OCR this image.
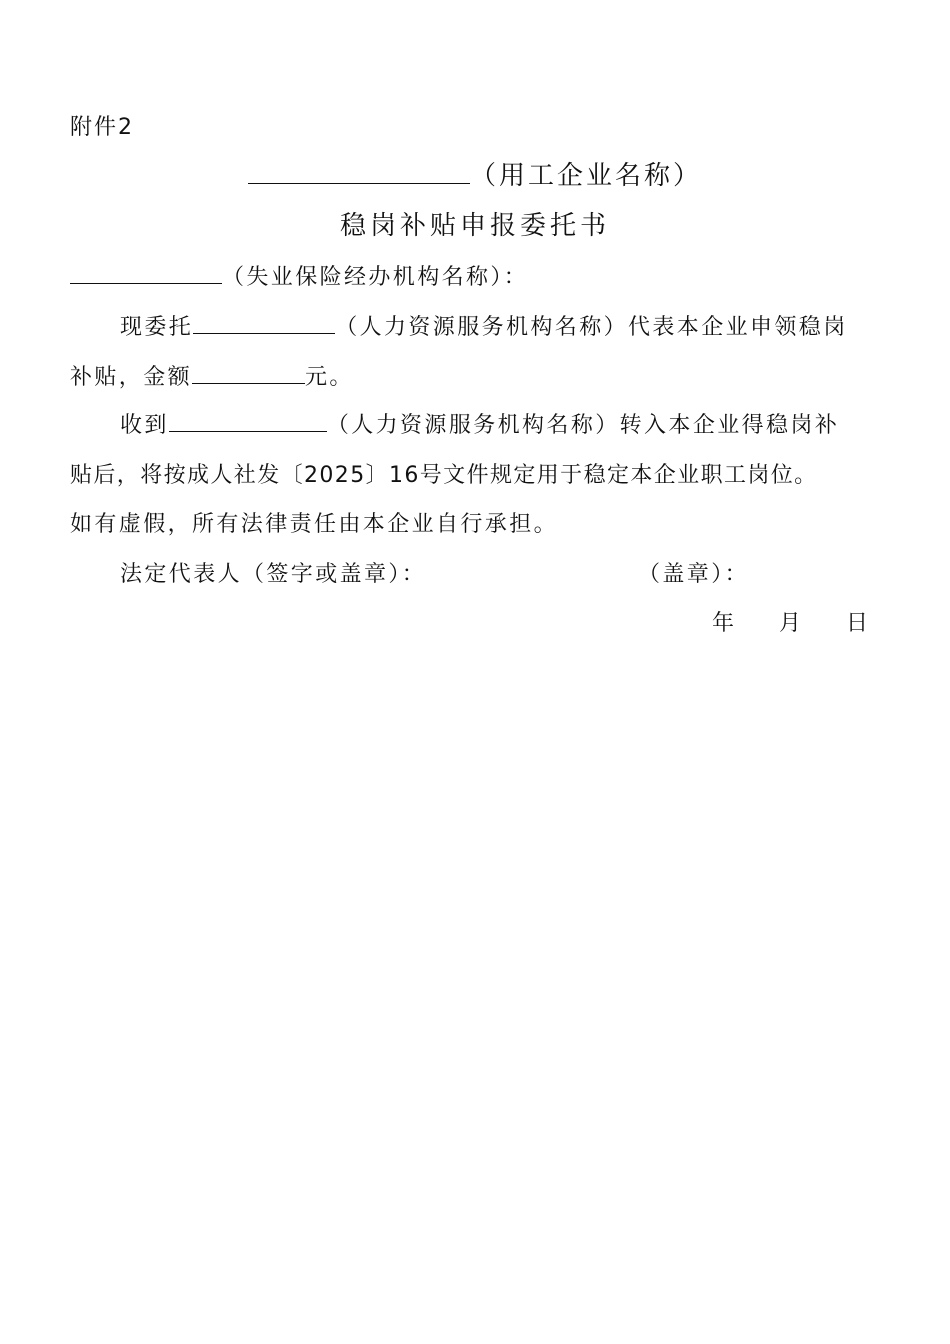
附件2
（用工企业名称）
稳岗补贴申报委托书
（失业保险经办机构名称）：
现委托	（人力资源服务机构名称）代表本企业申领稳岗
补贴，金额	元。
收到	（人力资源服务机构名称）转入本企业得稳岗补
贴后，将按成人社发〔2025〕16号文件规定用于稳定本企业职工岗位。
如有虚假，所有法律责任由本企业自行承担。
法定代表人（签字或盖章）：	（盖章）：
年 月 日
